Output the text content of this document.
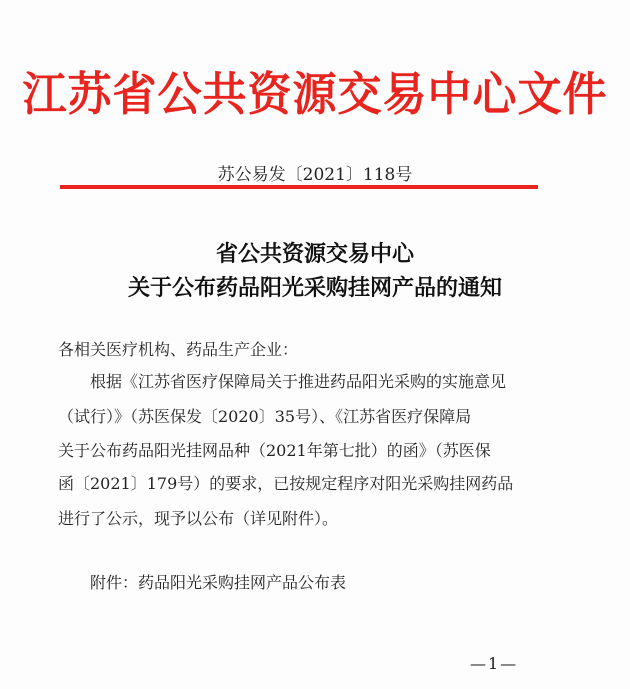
江苏省公共资源交易中心文件
苏公易发〔2021〕118号
省公共资源交易中心
关于公布药品阳光采购挂网产品的通知
各相关医疗机构、药品生产企业：
根据《江苏省医疗保障局关于推进药品阳光采购的实施意见
（试行）》（苏医保发〔2020〕35号）、《江苏省医疗保障局
关于公布药品阳光挂网品种（2021年第七批）的函》（苏医保
函〔2021〕179号）的要求，已按规定程序对阳光采购挂网药品
进行了公示，现予以公布（详见附件）。
附件：药品阳光采购挂网产品公布表
—1—
